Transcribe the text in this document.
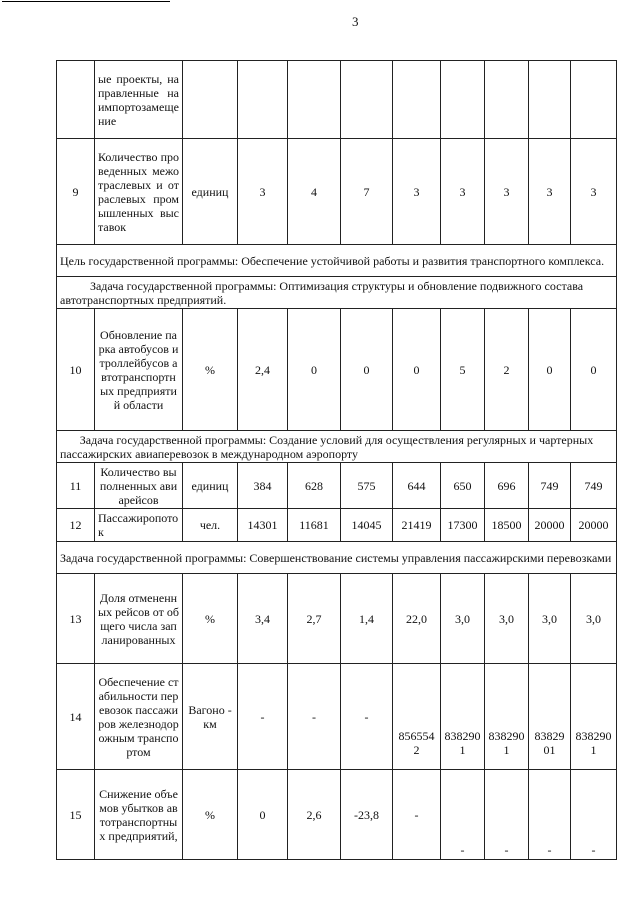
3
	ые проекты, направленные на импортозамещение									
9	Количество проведенных межотраслевых и отраслевых промышленных выставок	единиц	3	4	7	3	3	3	3	3
Цель государственной программы: Обеспечение устойчивой работы и развития транспортного комплекса.										
Задача государственной программы: Оптимизация структуры и обновление подвижного состава автотранспортных предприятий.										
10	Обновление парка автобусов и троллейбусов автотранспортных предприятий области	%	2,4	0	0	0	5	2	0	0
Задача государственной программы: Создание условий для осуществления регулярных и чартерных пассажирских авиаперевозок в международном аэропорту										
11	Количество выполненных авиарейсов	единиц	384	628	575	644	650	696	749	749
12	Пассажиропоток	чел.	14301	11681	14045	21419	17300	18500	20000	20000
Задача государственной программы: Совершенствование системы управления пассажирскими перевозками										
13	Доля отмененных рейсов от общего числа запланированных	%	3,4	2,7	1,4	22,0	3,0	3,0	3,0	3,0
14	Обеспечение стабильности перевозок пассажиров железнодорожным транспортом	Вагоно - км	-	-	-	8565542	8382901	8382901	8382901	8382901
15	Снижение объемов убытков автотранспортных предприятий,	%	0	2,6	-23,8	-	-	-	-	-
